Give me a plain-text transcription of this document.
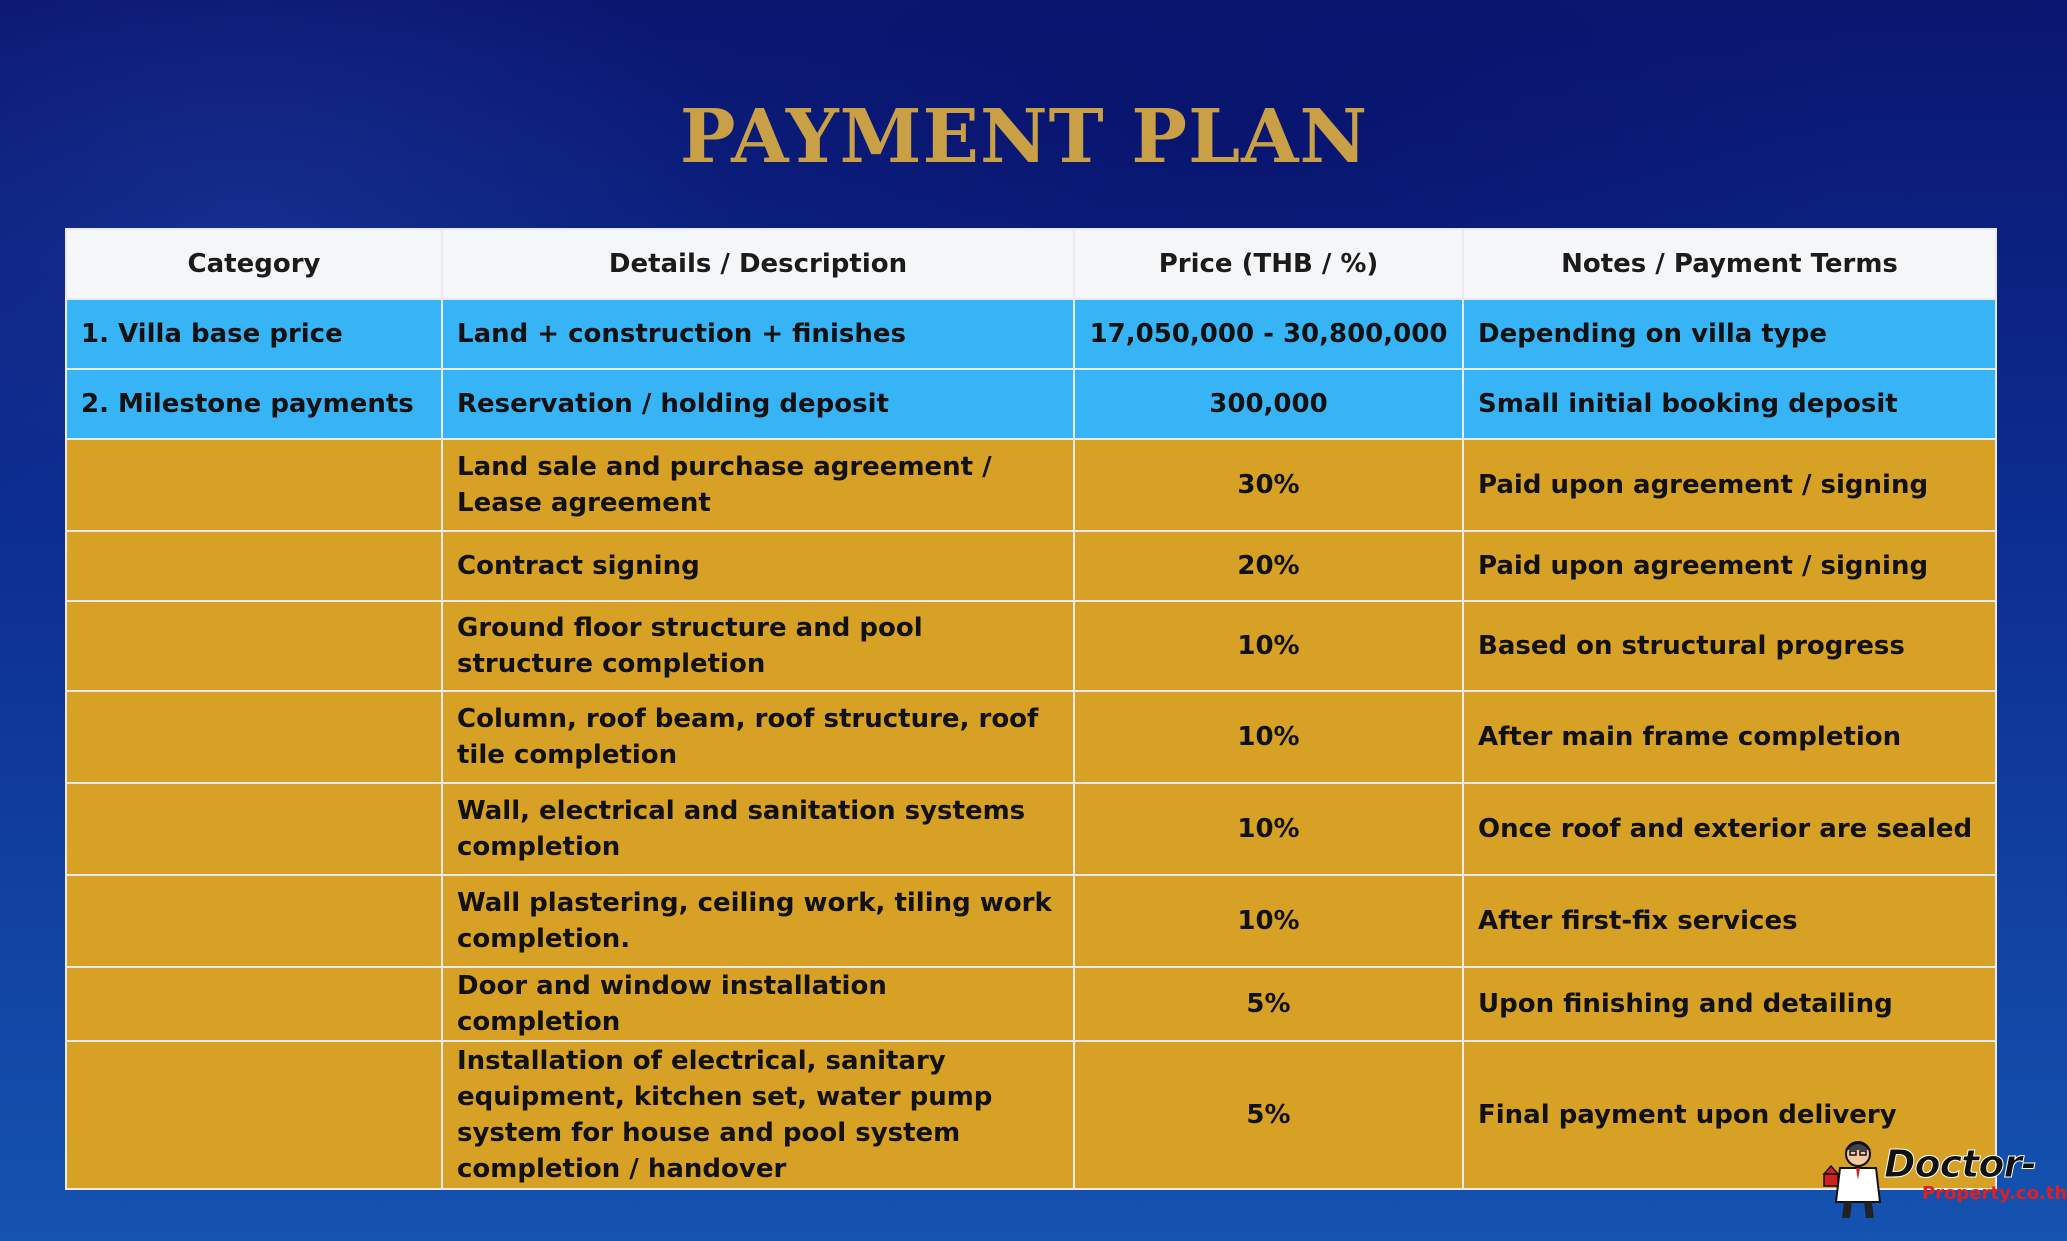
PAYMENT PLAN
Category	Details / Description	Price (THB / %)	Notes / Payment Terms
1. Villa base price	Land + construction + finishes	17,050,000 - 30,800,000	Depending on villa type
2. Milestone payments	Reservation / holding deposit	300,000	Small initial booking deposit
	Land sale and purchase agreement / Lease agreement	30%	Paid upon agreement / signing
	Contract signing	20%	Paid upon agreement / signing
	Ground floor structure and pool structure completion	10%	Based on structural progress
	Column, roof beam, roof structure, roof tile completion	10%	After main frame completion
	Wall, electrical and sanitation systems completion	10%	Once roof and exterior are sealed
	Wall plastering, ceiling work, tiling work completion.	10%	After first-fix services
	Door and window installation completion	5%	Upon finishing and detailing
	Installation of electrical, sanitary equipment, kitchen set, water pump system for house and pool system completion / handover	5%	Final payment upon delivery
Doctor-
Property.co.th
